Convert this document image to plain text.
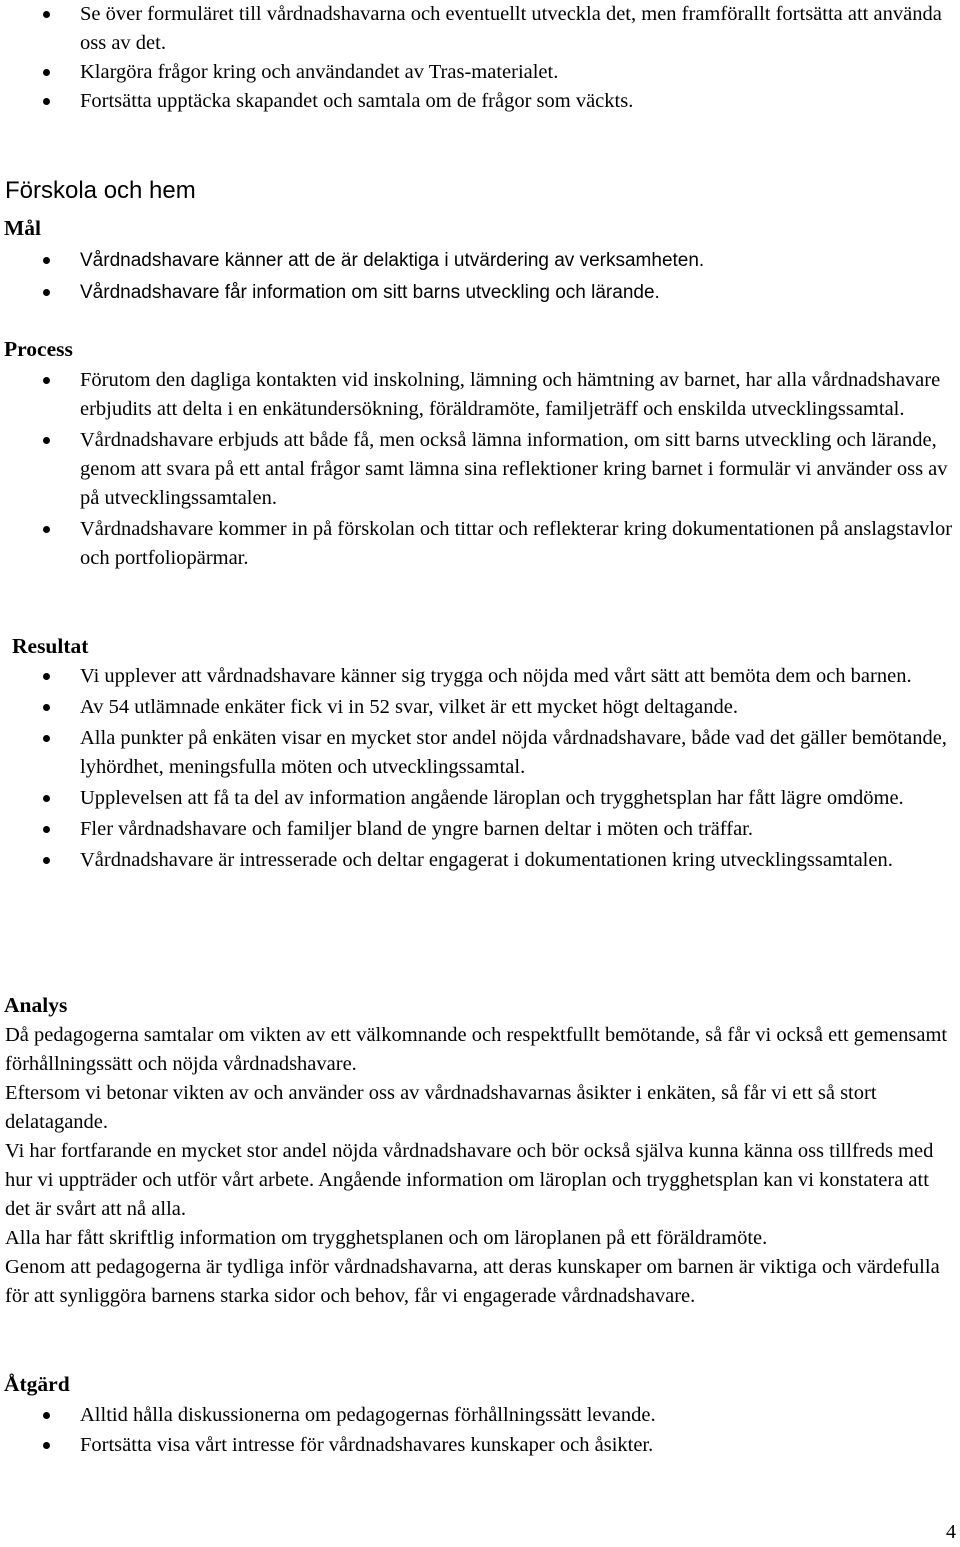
Se över formuläret till vårdnadshavarna och eventuellt utveckla det, men framförallt fortsätta att använda oss av det.
Klargöra frågor kring och användandet av Tras-materialet.
Fortsätta upptäcka skapandet och samtala om de frågor som väckts.
Förskola och hem
Mål
Vårdnadshavare känner att de är delaktiga i utvärdering av verksamheten.
Vårdnadshavare får information om sitt barns utveckling och lärande.
Process
Förutom den dagliga kontakten vid inskolning, lämning och hämtning av barnet, har alla vårdnadshavare erbjudits att delta i en enkätundersökning, föräldramöte, familjeträff och enskilda utvecklingssamtal.
Vårdnadshavare erbjuds att både få, men också lämna information, om sitt barns utveckling och lärande, genom att svara på ett antal frågor samt lämna sina reflektioner kring barnet i formulär vi använder oss av på utvecklingssamtalen.
Vårdnadshavare kommer in på förskolan och tittar och reflekterar kring dokumentationen på anslagstavlor och portfoliopärmar.
Resultat
Vi upplever att vårdnadshavare känner sig trygga och nöjda med vårt sätt att bemöta dem och barnen.
Av 54 utlämnade enkäter fick vi in 52 svar, vilket är ett mycket högt deltagande.
Alla punkter på enkäten visar en mycket stor andel nöjda vårdnadshavare, både vad det gäller bemötande, lyhördhet, meningsfulla möten och utvecklingssamtal.
Upplevelsen att få ta del av information angående läroplan och trygghetsplan har fått lägre omdöme.
Fler vårdnadshavare och familjer bland de yngre barnen deltar i möten och träffar.
Vårdnadshavare är intresserade och deltar engagerat i dokumentationen kring utvecklingssamtalen.
Analys

Då pedagogerna samtalar om vikten av ett välkomnande och respektfullt bemötande, så får vi också ett gemensamt förhållningssätt och nöjda vårdnadshavare.

Eftersom vi betonar vikten av och använder oss av vårdnadshavarnas åsikter i enkäten, så får vi ett så stort delatagande.

Vi har fortfarande en mycket stor andel nöjda vårdnadshavare och bör också själva kunna känna oss tillfreds med hur vi uppträder och utför vårt arbete. Angående information om läroplan och trygghetsplan kan vi konstatera att det är svårt att nå alla.

Alla har fått skriftlig information om trygghetsplanen och om läroplanen på ett föräldramöte.

Genom att pedagogerna är tydliga inför vårdnadshavarna, att deras kunskaper om barnen är viktiga och värdefulla för att synliggöra barnens starka sidor och behov, får vi engagerade vårdnadshavare.

Åtgärd
Alltid hålla diskussionerna om pedagogernas förhållningssätt levande.
Fortsätta visa vårt intresse för vårdnadshavares kunskaper och åsikter.
4
